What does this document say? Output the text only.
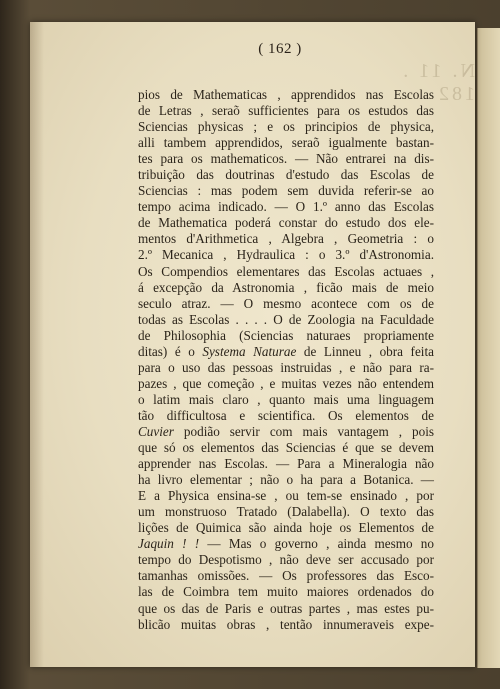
N. 11 . 182
( 162 )
pios de Mathematicas , apprendidos nas Escolas
de Letras , seraõ sufficientes para os estudos das
Sciencias physicas ; e os principios de physica,
alli tambem apprendidos, seraõ igualmente bastan-
tes para os mathematicos. — Não entrarei na dis-
tribuição das doutrinas d'estudo das Escolas de
Sciencias : mas podem sem duvida referir-se ao
tempo acima indicado. — O 1.º anno das Escolas
de Mathematica poderá constar do estudo dos ele-
mentos d'Arithmetica , Algebra , Geometria : o
2.º Mecanica , Hydraulica : o 3.º d'Astronomia.
Os Compendios elementares das Escolas actuaes ,
á excepção da Astronomia , ficão mais de meio
seculo atraz. — O mesmo acontece com os de
todas as Escolas . . . . O de Zoologia na Faculdade
de Philosophia (Sciencias naturaes propriamente
ditas) é o Systema Naturae de Linneu , obra feita
para o uso das pessoas instruidas , e não para ra-
pazes , que começão , e muitas vezes não entendem
o latim mais claro , quanto mais uma linguagem
tão difficultosa e scientifica. Os elementos de
Cuvier podião servir com mais vantagem , pois
que só os elementos das Sciencias é que se devem
apprender nas Escolas. — Para a Mineralogia não
ha livro elementar ; não o ha para a Botanica. —
E a Physica ensina-se , ou tem-se ensinado , por
um monstruoso Tratado (Dalabella). O texto das
lições de Quimica são ainda hoje os Elementos de
Jaquin ! ! — Mas o governo , ainda mesmo no
tempo do Despotismo , não deve ser accusado por
tamanhas omissões. — Os professores das Esco-
las de Coimbra tem muito maiores ordenados do
que os das de Paris e outras partes , mas estes pu-
blicão muitas obras , tentão innumeraveis expe-
